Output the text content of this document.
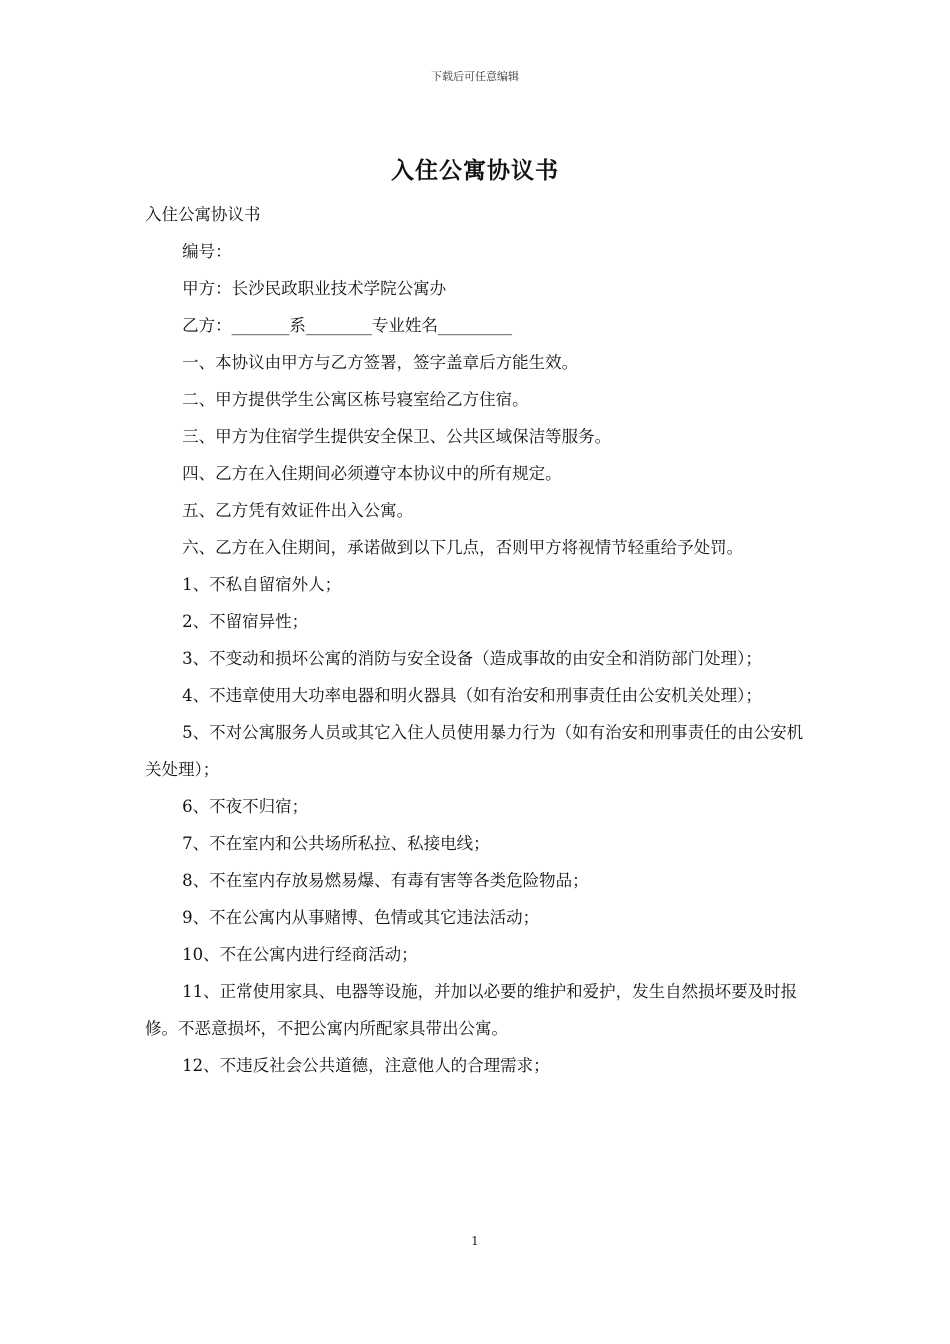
下载后可任意编辑
入住公寓协议书

入住公寓协议书

编号：

甲方：长沙民政职业技术学院公寓办

乙方：_______系________专业姓名_________

一、本协议由甲方与乙方签署，签字盖章后方能生效。

二、甲方提供学生公寓区栋号寝室给乙方住宿。

三、甲方为住宿学生提供安全保卫、公共区域保洁等服务。

四、乙方在入住期间必须遵守本协议中的所有规定。

五、乙方凭有效证件出入公寓。

六、乙方在入住期间，承诺做到以下几点，否则甲方将视情节轻重给予处罚。

1、不私自留宿外人；

2、不留宿异性；

3、不变动和损坏公寓的消防与安全设备（造成事故的由安全和消防部门处理）；

4、不违章使用大功率电器和明火器具（如有治安和刑事责任由公安机关处理）；

5、不对公寓服务人员或其它入住人员使用暴力行为（如有治安和刑事责任的由公安机关处理）；

6、不夜不归宿；

7、不在室内和公共场所私拉、私接电线；

8、不在室内存放易燃易爆、有毒有害等各类危险物品；

9、不在公寓内从事赌博、色情或其它违法活动；

10、不在公寓内进行经商活动；

11、正常使用家具、电器等设施，并加以必要的维护和爱护，发生自然损坏要及时报修。不恶意损坏，不把公寓内所配家具带出公寓。

12、不违反社会公共道德，注意他人的合理需求；

1
